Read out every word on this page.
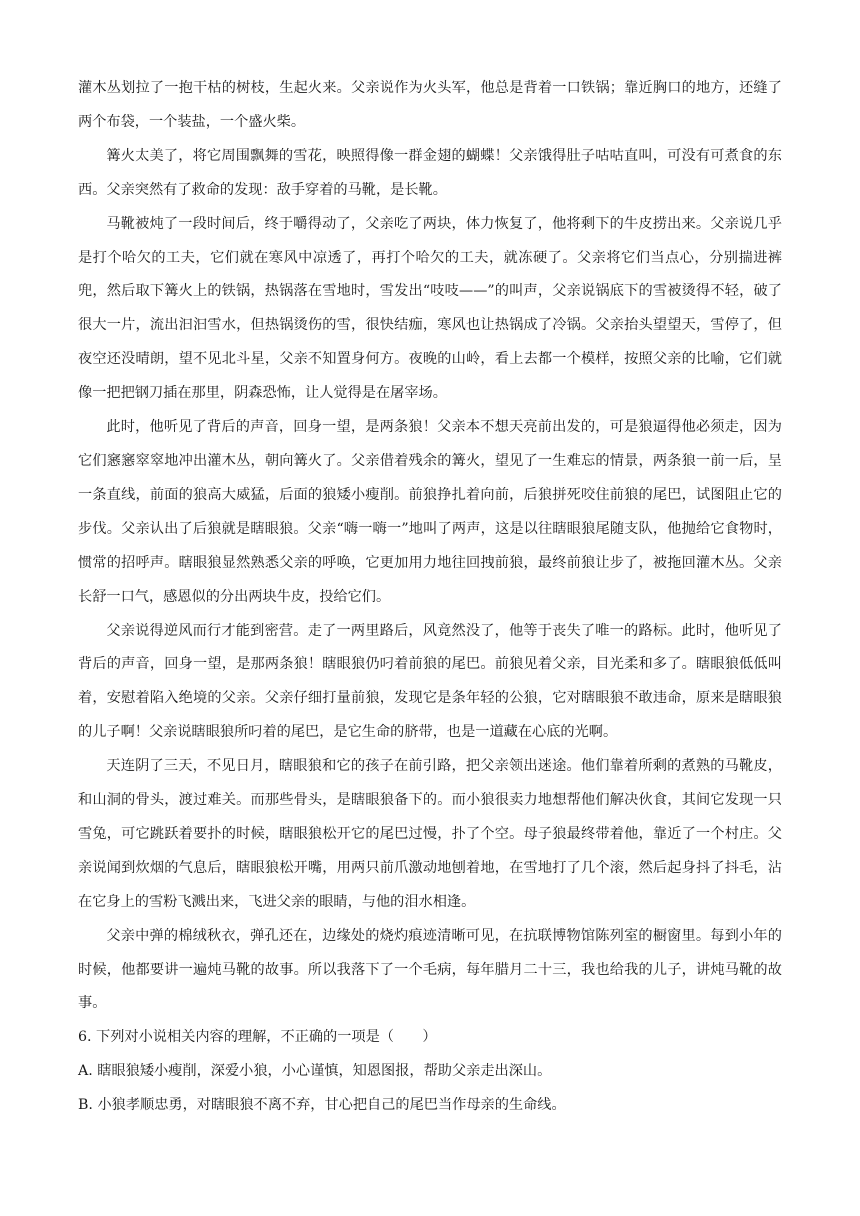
灌木丛划拉了一抱干枯的树枝，生起火来。父亲说作为火头军，他总是背着一口铁锅；靠近胸口的地方，还缝了两个布袋，一个装盐，一个盛火柴。

篝火太美了，将它周围飘舞的雪花，映照得像一群金翅的蝴蝶！父亲饿得肚子咕咕直叫，可没有可煮食的东西。父亲突然有了救命的发现：敌手穿着的马靴，是长靴。

马靴被炖了一段时间后，终于嚼得动了，父亲吃了两块，体力恢复了，他将剩下的牛皮捞出来。父亲说几乎是打个哈欠的工夫，它们就在寒风中凉透了，再打个哈欠的工夫，就冻硬了。父亲将它们当点心，分别揣进裤兜，然后取下篝火上的铁锅，热锅落在雪地时，雪发出“吱吱——”的叫声，父亲说锅底下的雪被烫得不轻，破了很大一片，流出汩汩雪水，但热锅烫伤的雪，很快结痂，寒风也让热锅成了冷锅。父亲抬头望望天，雪停了，但夜空还没晴朗，望不见北斗星，父亲不知置身何方。夜晚的山岭，看上去都一个模样，按照父亲的比喻，它们就像一把把钢刀插在那里，阴森恐怖，让人觉得是在屠宰场。

此时，他听见了背后的声音，回身一望，是两条狼！父亲本不想天亮前出发的，可是狼逼得他必须走，因为它们窸窸窣窣地冲出灌木丛，朝向篝火了。父亲借着残余的篝火，望见了一生难忘的情景，两条狼一前一后，呈一条直线，前面的狼高大威猛，后面的狼矮小瘦削。前狼挣扎着向前，后狼拼死咬住前狼的尾巴，试图阻止它的步伐。父亲认出了后狼就是瞎眼狼。父亲“嗨一嗨一”地叫了两声，这是以往瞎眼狼尾随支队，他抛给它食物时，惯常的招呼声。瞎眼狼显然熟悉父亲的呼唤，它更加用力地往回拽前狼，最终前狼让步了，被拖回灌木丛。父亲长舒一口气，感恩似的分出两块牛皮，投给它们。

父亲说得逆风而行才能到密营。走了一两里路后，风竟然没了，他等于丧失了唯一的路标。此时，他听见了背后的声音，回身一望，是那两条狼！瞎眼狼仍叼着前狼的尾巴。前狼见着父亲，目光柔和多了。瞎眼狼低低叫着，安慰着陷入绝境的父亲。父亲仔细打量前狼，发现它是条年轻的公狼，它对瞎眼狼不敢违命，原来是瞎眼狼的儿子啊！父亲说瞎眼狼所叼着的尾巴，是它生命的脐带，也是一道藏在心底的光啊。

天连阴了三天，不见日月，瞎眼狼和它的孩子在前引路，把父亲领出迷途。他们靠着所剩的煮熟的马靴皮，和山洞的骨头，渡过难关。而那些骨头，是瞎眼狼备下的。而小狼很卖力地想帮他们解决伙食，其间它发现一只雪兔，可它跳跃着要扑的时候，瞎眼狼松开它的尾巴过慢，扑了个空。母子狼最终带着他，靠近了一个村庄。父亲说闻到炊烟的气息后，瞎眼狼松开嘴，用两只前爪激动地刨着地，在雪地打了几个滚，然后起身抖了抖毛，沾在它身上的雪粉飞溅出来，飞进父亲的眼睛，与他的泪水相逢。

父亲中弹的棉绒秋衣，弹孔还在，边缘处的烧灼痕迹清晰可见，在抗联博物馆陈列室的橱窗里。每到小年的时候，他都要讲一遍炖马靴的故事。所以我落下了一个毛病，每年腊月二十三，我也给我的儿子，讲炖马靴的故事。

6. 下列对小说相关内容的理解，不正确的一项是（　　）

A. 瞎眼狼矮小瘦削，深爱小狼，小心谨慎，知恩图报，帮助父亲走出深山。

B. 小狼孝顺忠勇，对瞎眼狼不离不弃，甘心把自己的尾巴当作母亲的生命线。
